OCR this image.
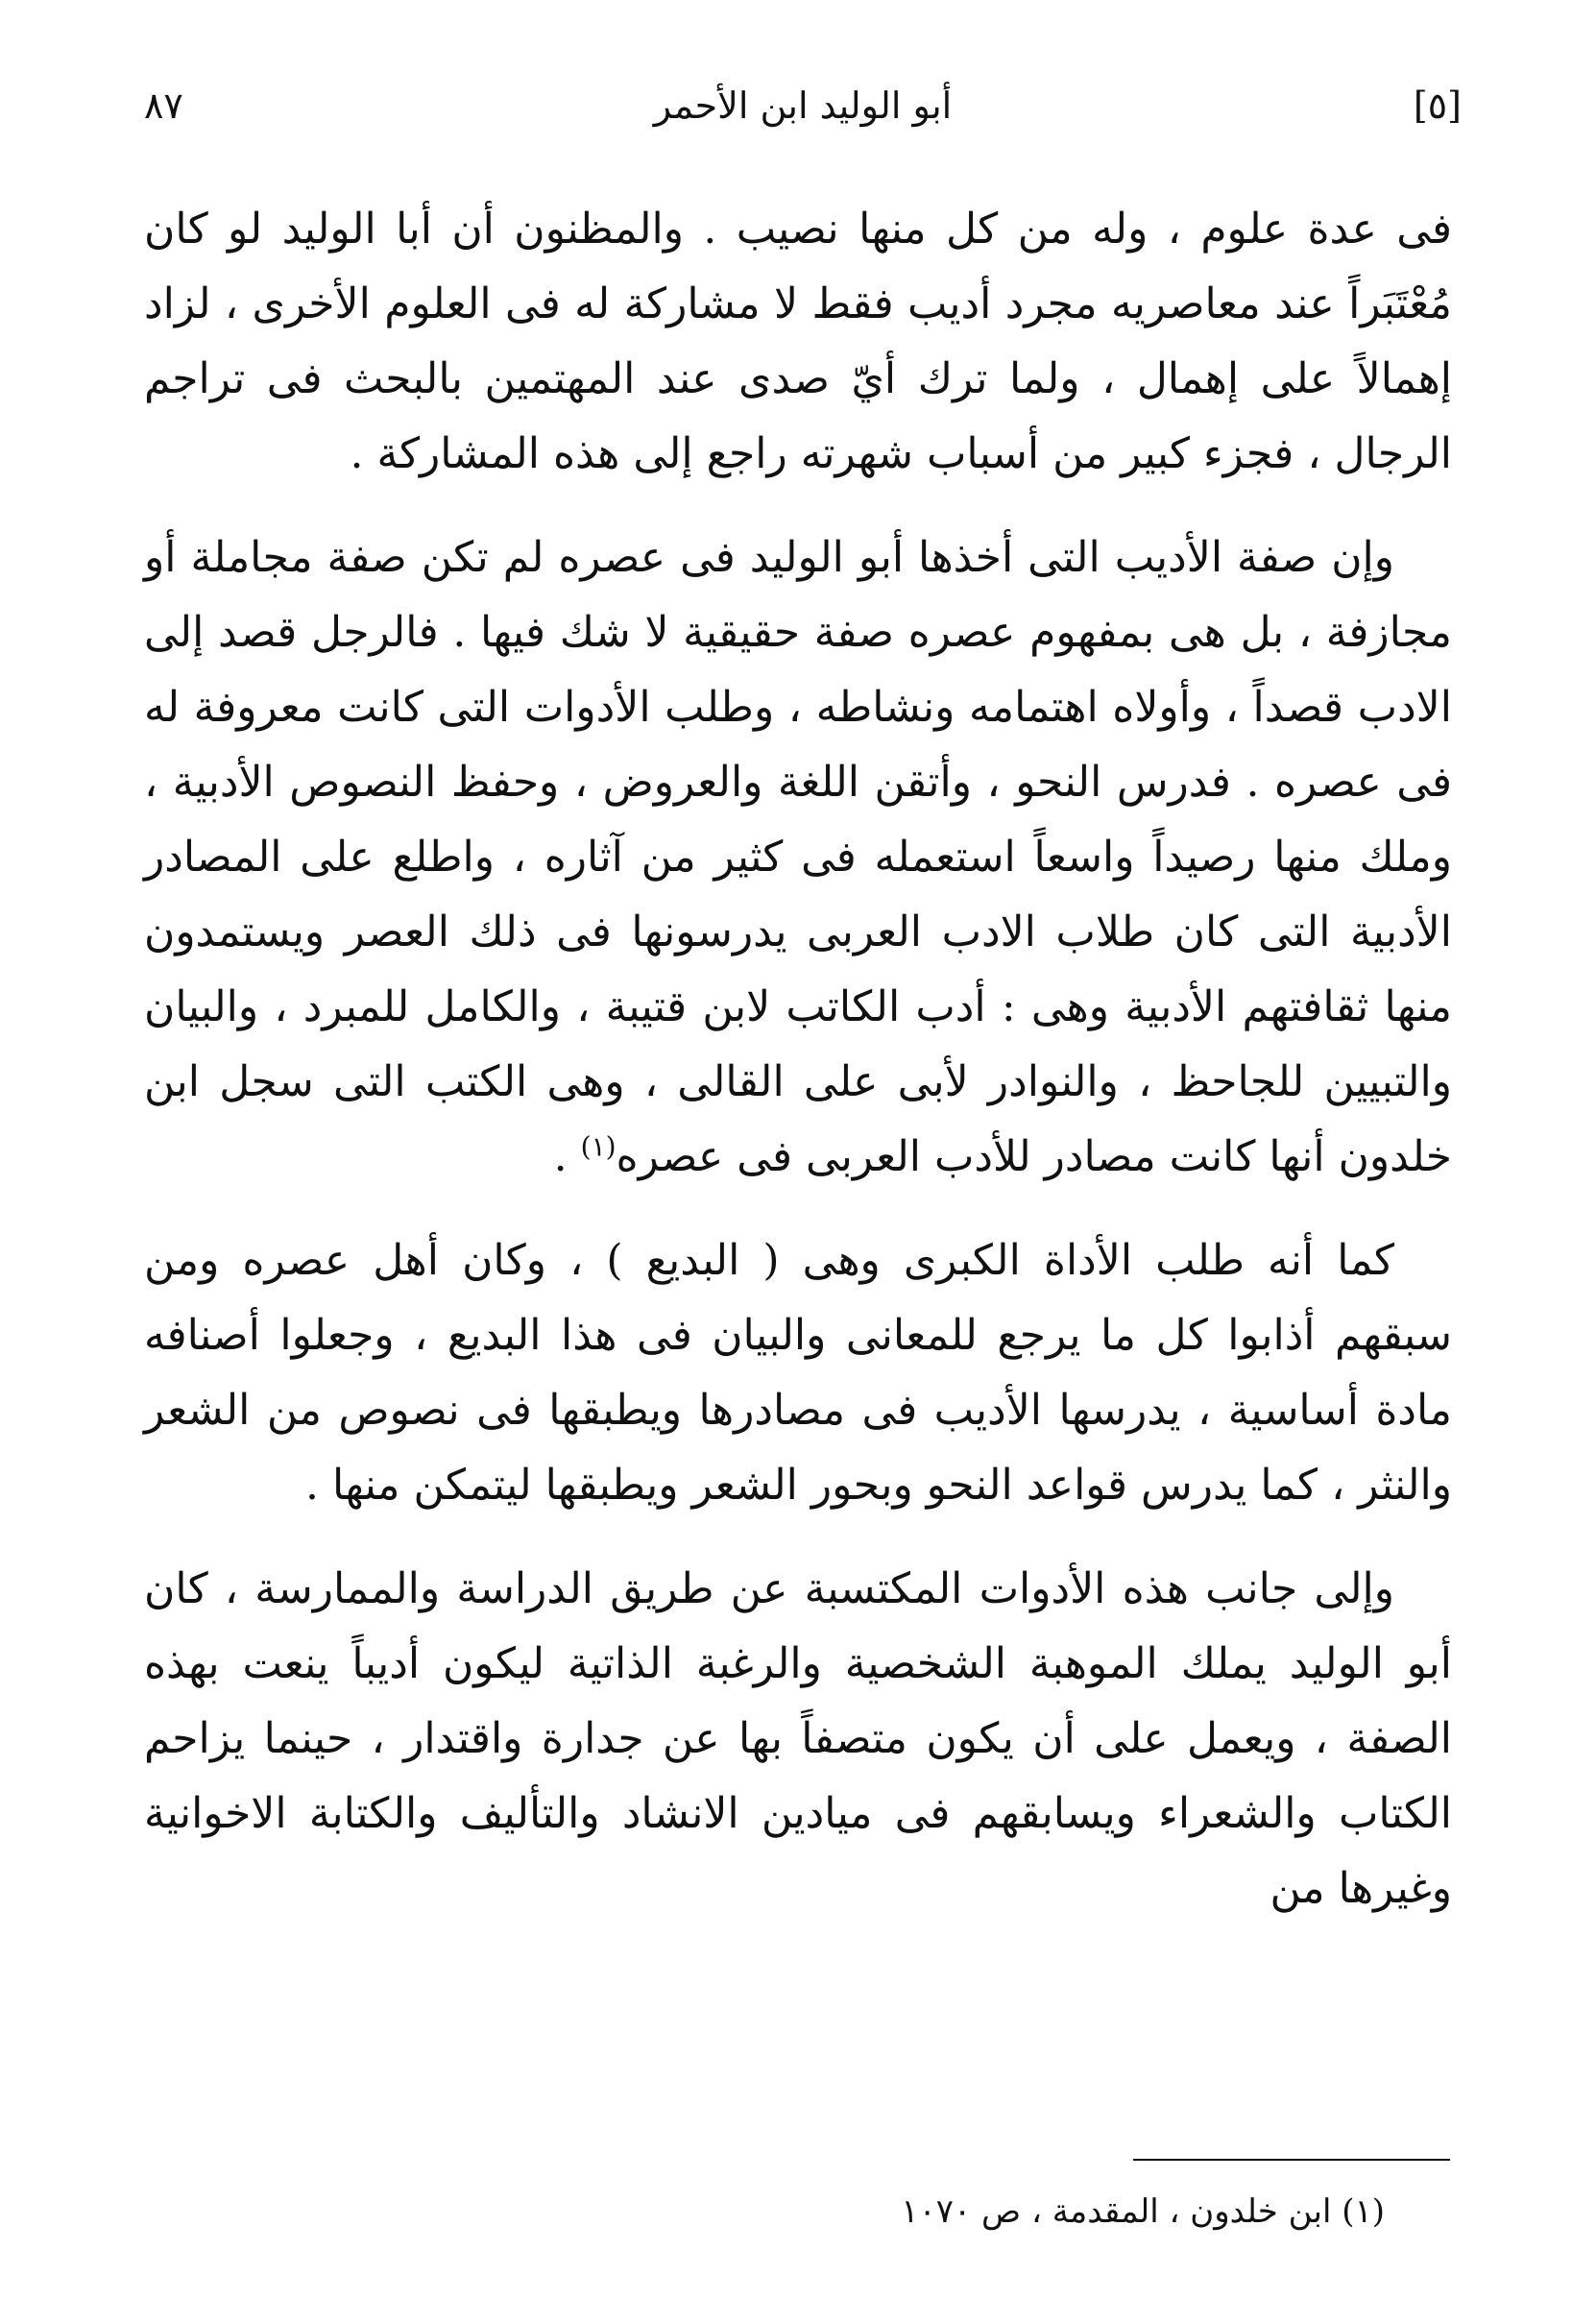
[٥]
أبو الوليد ابن الأحمر
٨٧

فى عدة علوم ، وله من كل منها نصيب . والمظنون أن أبا الوليد لو كان مُعْتَبَراً عند معاصريه مجرد أديب فقط لا مشاركة له فى العلوم الأخرى ، لزاد إهمالاً على إهمال ، ولما ترك أيّ صدى عند المهتمين بالبحث فى تراجم الرجال ، فجزء كبير من أسباب شهرته راجع إلى هذه المشاركة .

وإن صفة الأديب التى أخذها أبو الوليد فى عصره لم تكن صفة مجاملة أو مجازفة ، بل هى بمفهوم عصره صفة حقيقية لا شك فيها . فالرجل قصد إلى الادب قصداً ، وأولاه اهتمامه ونشاطه ، وطلب الأدوات التى كانت معروفة له فى عصره . فدرس النحو ، وأتقن اللغة والعروض ، وحفظ النصوص الأدبية ، وملك منها رصيداً واسعاً استعمله فى كثير من آثاره ، واطلع على المصادر الأدبية التى كان طلاب الادب العربى يدرسونها فى ذلك العصر ويستمدون منها ثقافتهم الأدبية وهى : أدب الكاتب لابن قتيبة ، والكامل للمبرد ، والبيان والتبيين للجاحظ ، والنوادر لأبى على القالى ، وهى الكتب التى سجل ابن خلدون أنها كانت مصادر للأدب العربى فى عصره$^{(١)}$ .

كما أنه طلب الأداة الكبرى وهى ( البديع ) ، وكان أهل عصره ومن سبقهم أذابوا كل ما يرجع للمعانى والبيان فى هذا البديع ، وجعلوا أصنافه مادة أساسية ، يدرسها الأديب فى مصادرها ويطبقها فى نصوص من الشعر والنثر ، كما يدرس قواعد النحو وبحور الشعر ويطبقها ليتمكن منها .

وإلى جانب هذه الأدوات المكتسبة عن طريق الدراسة والممارسة ، كان أبو الوليد يملك الموهبة الشخصية والرغبة الذاتية ليكون أديباً ينعت بهذه الصفة ، ويعمل على أن يكون متصفاً بها عن جدارة واقتدار ، حينما يزاحم الكتاب والشعراء ويسابقهم فى ميادين الانشاد والتأليف والكتابة الاخوانية وغيرها من

(١) ابن خلدون ، المقدمة ، ص ١٠٧٠
